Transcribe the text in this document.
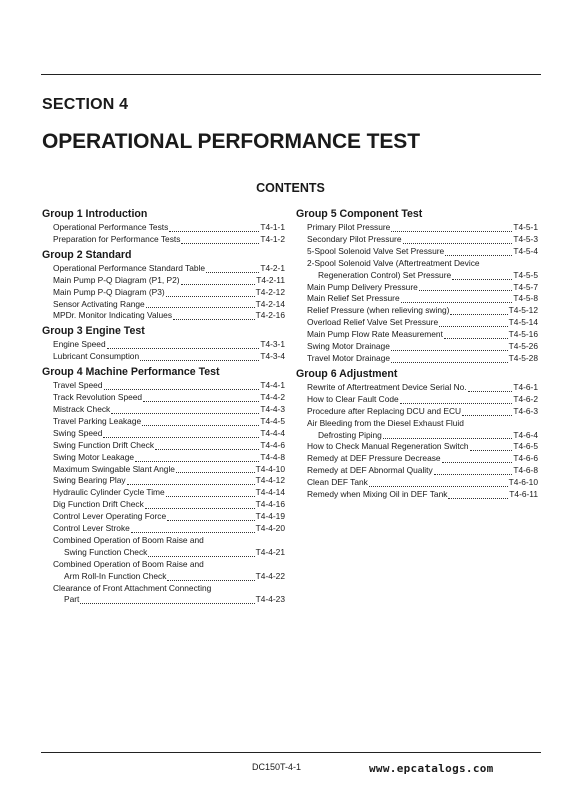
SECTION 4
OPERATIONAL PERFORMANCE TEST
CONTENTS
Group 1 Introduction
Operational Performance Tests	T4-1-1
Preparation for Performance Tests	T4-1-2
Group 2 Standard
Operational Performance Standard Table	T4-2-1
Main Pump P-Q Diagram (P1, P2)	T4-2-11
Main Pump P-Q Diagram (P3)	T4-2-12
Sensor Activating Range	T4-2-14
MPDr. Monitor Indicating Values	T4-2-16
Group 3 Engine Test
Engine Speed	T4-3-1
Lubricant Consumption	T4-3-4
Group 4 Machine Performance Test
Travel Speed	T4-4-1
Track Revolution Speed	T4-4-2
Mistrack Check	T4-4-3
Travel Parking Leakage	T4-4-5
Swing Speed	T4-4-4
Swing Function Drift Check	T4-4-6
Swing Motor Leakage	T4-4-8
Maximum Swingable Slant Angle	T4-4-10
Swing Bearing Play	T4-4-12
Hydraulic Cylinder Cycle Time	T4-4-14
Dig Function Drift Check	T4-4-16
Control Lever Operating Force	T4-4-19
Control Lever Stroke	T4-4-20
Combined Operation of Boom Raise and
Swing Function Check	T4-4-21
Combined Operation of Boom Raise and
Arm Roll-In Function Check	T4-4-22
Clearance of Front Attachment Connecting
Part	T4-4-23
Group 5 Component Test
Primary Pilot Pressure	T4-5-1
Secondary Pilot Pressure	T4-5-3
5-Spool Solenoid Valve Set Pressure	T4-5-4
2-Spool Solenoid Valve (Aftertreatment Device
Regeneration Control) Set Pressure	T4-5-5
Main Pump Delivery Pressure	T4-5-7
Main Relief Set Pressure	T4-5-8
Relief Pressure (when relieving swing)	T4-5-12
Overload Relief Valve Set Pressure	T4-5-14
Main Pump Flow Rate Measurement	T4-5-16
Swing Motor Drainage	T4-5-26
Travel Motor Drainage	T4-5-28
Group 6 Adjustment
Rewrite of Aftertreatment Device Serial No.	T4-6-1
How to Clear Fault Code	T4-6-2
Procedure after Replacing DCU and ECU	T4-6-3
Air Bleeding from the Diesel Exhaust Fluid
Defrosting Piping	T4-6-4
How to Check Manual Regeneration Switch	T4-6-5
Remedy at DEF Pressure Decrease	T4-6-6
Remedy at DEF Abnormal Quality	T4-6-8
Clean DEF Tank	T4-6-10
Remedy when Mixing Oil in DEF Tank	T4-6-11
DC150T-4-1	www.epcatalogs.com
